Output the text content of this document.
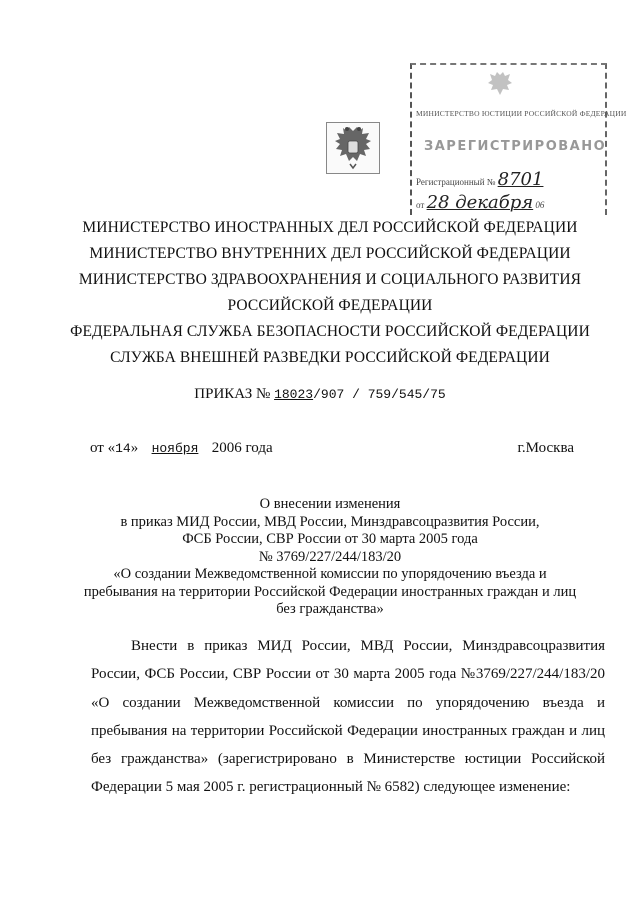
МИНИСТЕРСТВО ЮСТИЦИИ РОССИЙСКОЙ ФЕДЕРАЦИИ
ЗАРЕГИСТРИРОВАНО
Регистрационный № 8701
от 28 декабря 06
МИНИСТЕРСТВО ИНОСТРАННЫХ ДЕЛ РОССИЙСКОЙ ФЕДЕРАЦИИ
МИНИСТЕРСТВО ВНУТРЕННИХ ДЕЛ РОССИЙСКОЙ ФЕДЕРАЦИИ
МИНИСТЕРСТВО ЗДРАВООХРАНЕНИЯ И СОЦИАЛЬНОГО РАЗВИТИЯ
РОССИЙСКОЙ ФЕДЕРАЦИИ
ФЕДЕРАЛЬНАЯ СЛУЖБА БЕЗОПАСНОСТИ РОССИЙСКОЙ ФЕДЕРАЦИИ
СЛУЖБА ВНЕШНЕЙ РАЗВЕДКИ РОССИЙСКОЙ ФЕДЕРАЦИИ
ПРИКАЗ № 18023/907 / 759/545/75
от «14» ноября 2006 года	г.Москва
О внесении изменения
в приказ МИД России, МВД России, Минздравсоцразвития России,
ФСБ России, СВР России от 30 марта 2005 года
№ 3769/227/244/183/20
«О создании Межведомственной комиссии по упорядочению въезда и
пребывания на территории Российской Федерации иностранных граждан и лиц
без гражданства»
Внести в приказ МИД России, МВД России, Минздравсоцразвития
России, ФСБ России, СВР России от 30 марта 2005 года №3769/227/244/183/20
«О создании Межведомственной комиссии по упорядочению въезда и
пребывания на территории Российской Федерации иностранных граждан и лиц
без гражданства» (зарегистрировано в Министерстве юстиции Российской
Федерации 5 мая 2005 г. регистрационный № 6582) следующее изменение:
